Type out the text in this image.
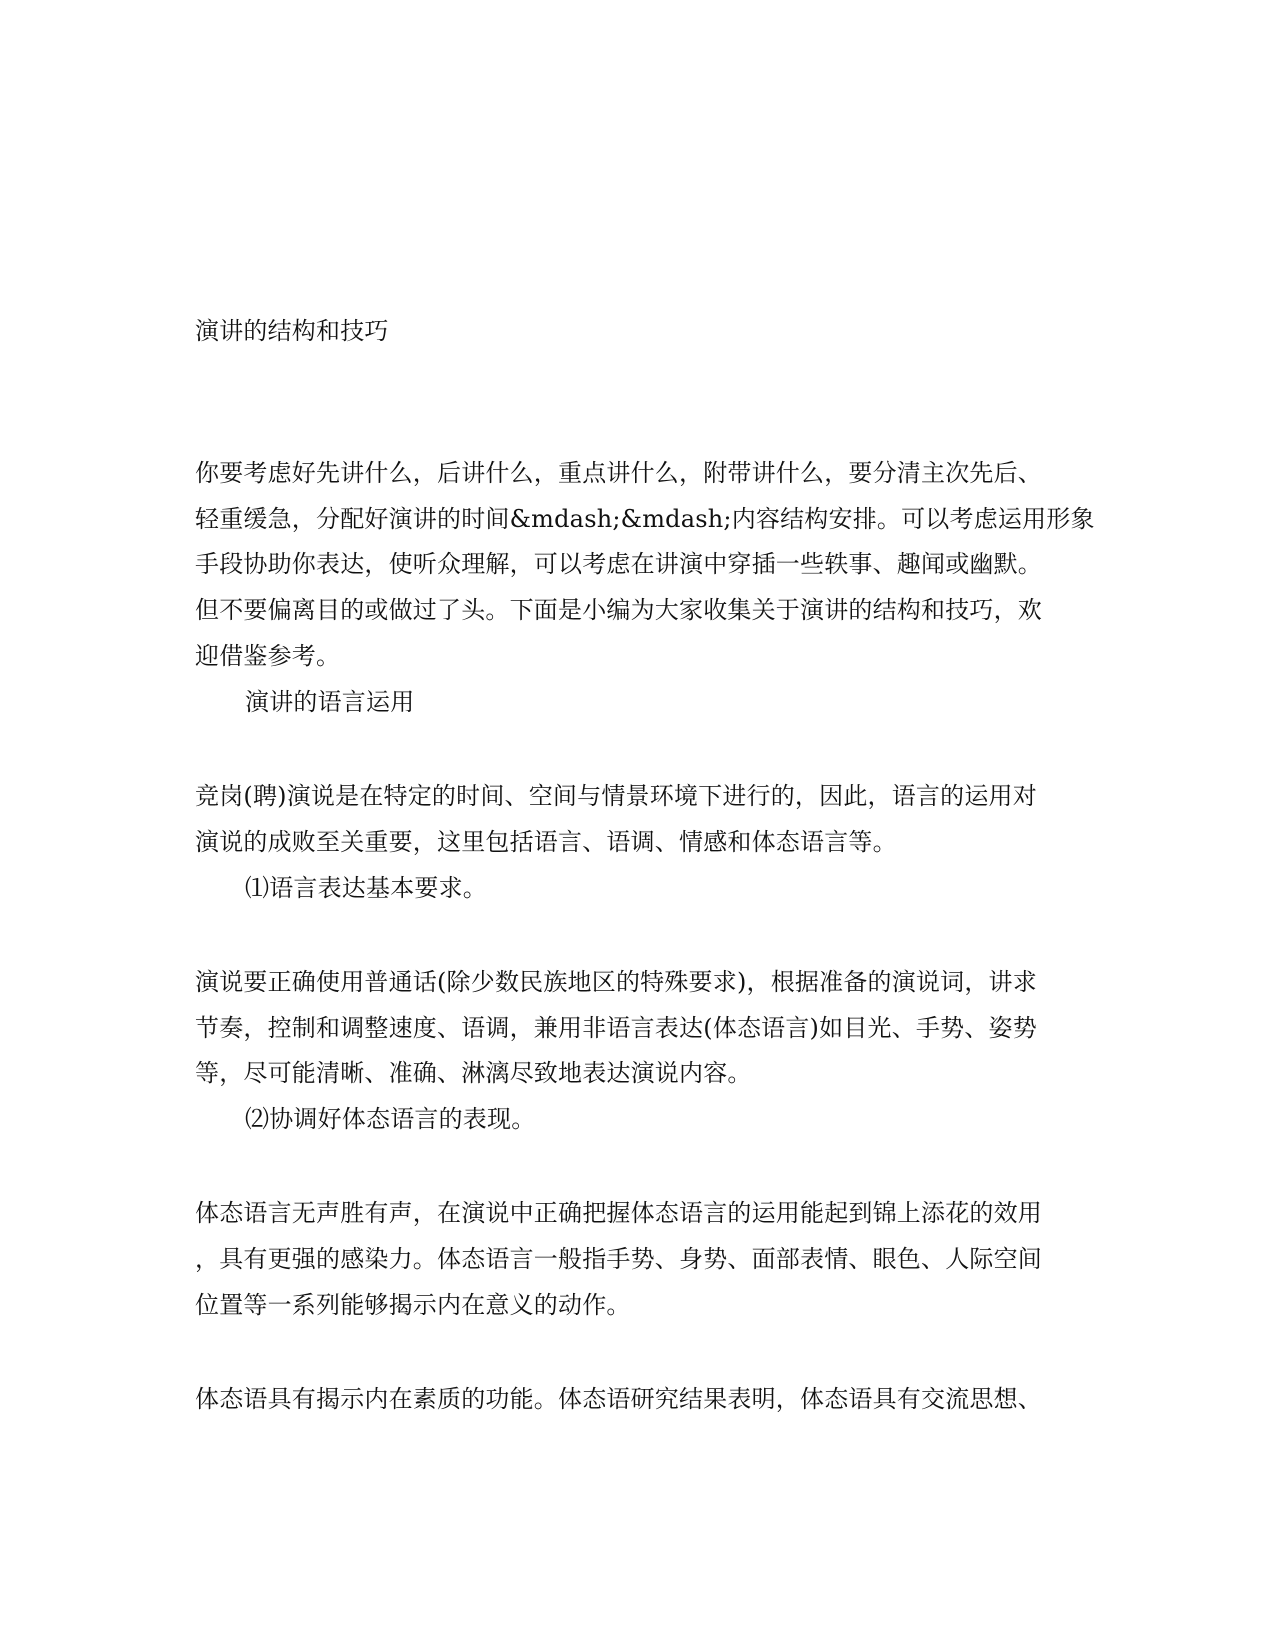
演讲的结构和技巧
你要考虑好先讲什么，后讲什么，重点讲什么，附带讲什么，要分清主次先后、
轻重缓急，分配好演讲的时间&mdash;&mdash;内容结构安排。可以考虑运用形象
手段协助你表达，使听众理解，可以考虑在讲演中穿插一些轶事、趣闻或幽默。
但不要偏离目的或做过了头。下面是小编为大家收集关于演讲的结构和技巧，欢
迎借鉴参考。
演讲的语言运用
竞岗(聘)演说是在特定的时间、空间与情景环境下进行的，因此，语言的运用对
演说的成败至关重要，这里包括语言、语调、情感和体态语言等。
⑴语言表达基本要求。
演说要正确使用普通话(除少数民族地区的特殊要求)，根据准备的演说词，讲求
节奏，控制和调整速度、语调，兼用非语言表达(体态语言)如目光、手势、姿势
等，尽可能清晰、准确、淋漓尽致地表达演说内容。
⑵协调好体态语言的表现。
体态语言无声胜有声，在演说中正确把握体态语言的运用能起到锦上添花的效用
，具有更强的感染力。体态语言一般指手势、身势、面部表情、眼色、人际空间
位置等一系列能够揭示内在意义的动作。
体态语具有揭示内在素质的功能。体态语研究结果表明，体态语具有交流思想、
